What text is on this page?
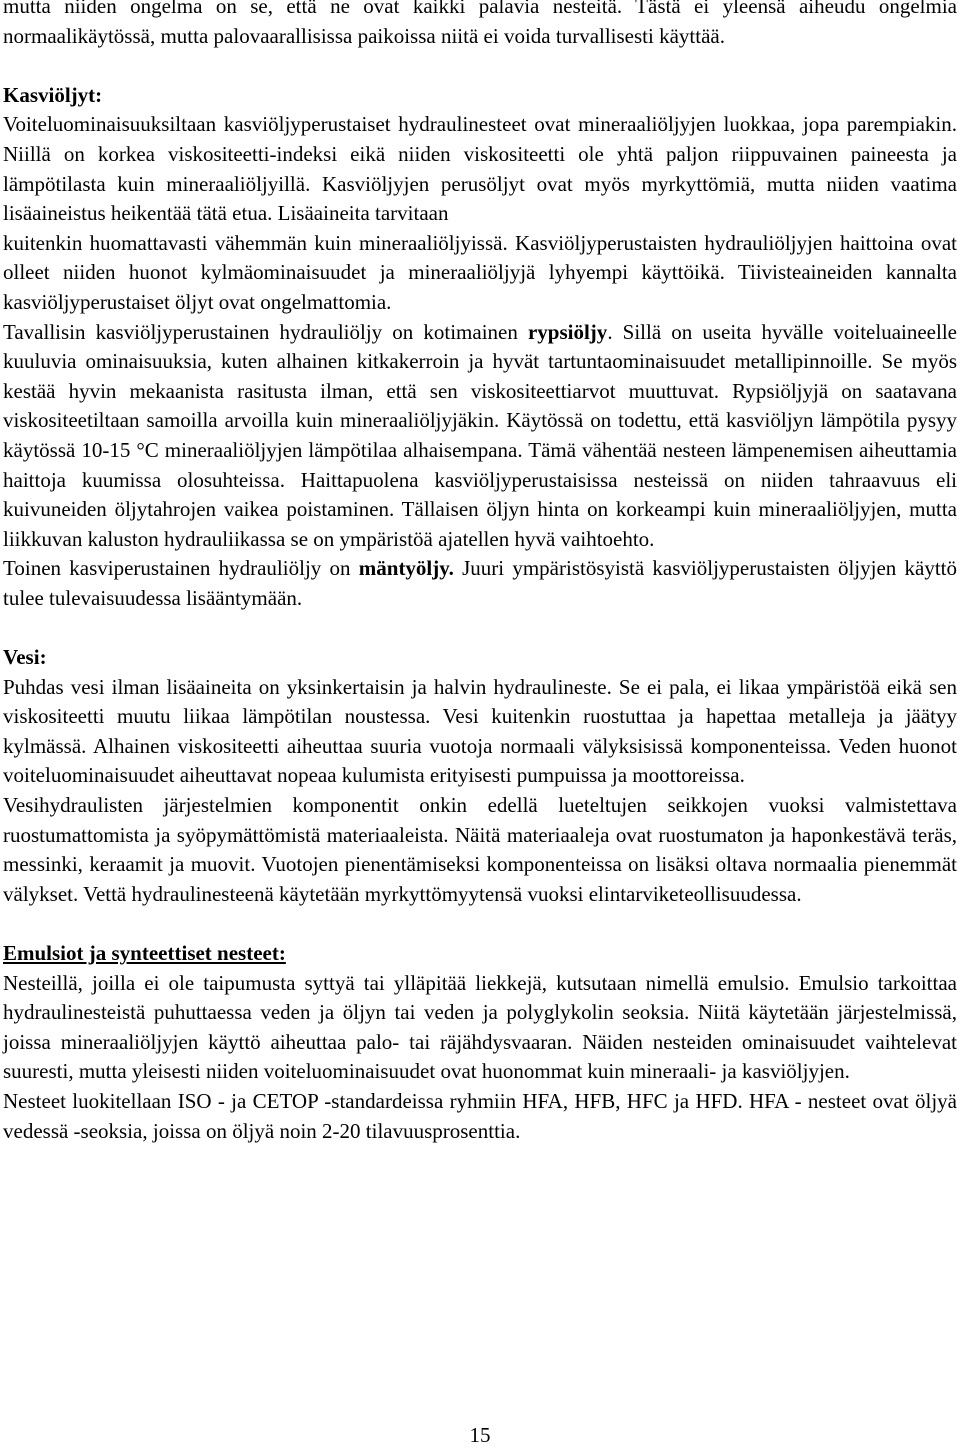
mutta niiden ongelma on se, että ne ovat kaikki palavia nesteitä. Tästä ei yleensä aiheudu ongelmia normaalikäytössä, mutta palovaarallisissa paikoissa niitä ei voida turvallisesti käyttää.

Kasviöljyt:

Voiteluominaisuuksiltaan kasviöljyperustaiset hydraulinesteet ovat mineraaliöljyjen luokkaa, jopa parempiakin. Niillä on korkea viskositeetti-indeksi eikä niiden viskositeetti ole yhtä paljon riippuvainen paineesta ja lämpötilasta kuin mineraaliöljyillä. Kasviöljyjen perusöljyt ovat myös myrkyttömiä, mutta niiden vaatima lisäaineistus heikentää tätä etua. Lisäaineita tarvitaan

kuitenkin huomattavasti vähemmän kuin mineraaliöljyissä. Kasviöljyperustaisten hydrauliöljyjen haittoina ovat olleet niiden huonot kylmäominaisuudet ja mineraaliöljyjä lyhyempi käyttöikä. Tiivisteaineiden kannalta kasviöljyperustaiset öljyt ovat ongelmattomia.

Tavallisin kasviöljyperustainen hydrauliöljy on kotimainen rypsiöljy. Sillä on useita hyvälle voiteluaineelle kuuluvia ominaisuuksia, kuten alhainen kitkakerroin ja hyvät tartuntaominaisuudet metallipinnoille. Se myös kestää hyvin mekaanista rasitusta ilman, että sen viskositeettiarvot muuttuvat. Rypsiöljyjä on saatavana viskositeetiltaan samoilla arvoilla kuin mineraaliöljyjäkin. Käytössä on todettu, että kasviöljyn lämpötila pysyy käytössä 10-15 °C mineraaliöljyjen lämpötilaa alhaisempana. Tämä vähentää nesteen lämpenemisen aiheuttamia haittoja kuumissa olosuhteissa. Haittapuolena kasviöljyperustaisissa nesteissä on niiden tahraavuus eli kuivuneiden öljytahrojen vaikea poistaminen. Tällaisen öljyn hinta on korkeampi kuin mineraaliöljyjen, mutta liikkuvan kaluston hydrauliikassa se on ympäristöä ajatellen hyvä vaihtoehto.

Toinen kasviperustainen hydrauliöljy on mäntyöljy. Juuri ympäristösyistä kasviöljyperustaisten öljyjen käyttö tulee tulevaisuudessa lisääntymään.

Vesi:

Puhdas vesi ilman lisäaineita on yksinkertaisin ja halvin hydraulineste. Se ei pala, ei likaa ympäristöä eikä sen viskositeetti muutu liikaa lämpötilan noustessa. Vesi kuitenkin ruostuttaa ja hapettaa metalleja ja jäätyy kylmässä. Alhainen viskositeetti aiheuttaa suuria vuotoja normaali välyksisissä komponenteissa. Veden huonot voiteluominaisuudet aiheuttavat nopeaa kulumista erityisesti pumpuissa ja moottoreissa.

Vesihydraulisten järjestelmien komponentit onkin edellä lueteltujen seikkojen vuoksi valmistettava ruostumattomista ja syöpymättömistä materiaaleista. Näitä materiaaleja ovat ruostumaton ja haponkestävä teräs, messinki, keraamit ja muovit. Vuotojen pienentämiseksi komponenteissa on lisäksi oltava normaalia pienemmät välykset. Vettä hydraulinesteenä käytetään myrkyttömyytensä vuoksi elintarviketeollisuudessa.

Emulsiot ja synteettiset nesteet:

Nesteillä, joilla ei ole taipumusta syttyä tai ylläpitää liekkejä, kutsutaan nimellä emulsio. Emulsio tarkoittaa hydraulinesteistä puhuttaessa veden ja öljyn tai veden ja polyglykolin seoksia. Niitä käytetään järjestelmissä, joissa mineraaliöljyjen käyttö aiheuttaa palo- tai räjähdysvaaran. Näiden nesteiden ominaisuudet vaihtelevat suuresti, mutta yleisesti niiden voiteluominaisuudet ovat huonommat kuin mineraali- ja kasviöljyjen.

Nesteet luokitellaan ISO - ja CETOP -standardeissa ryhmiin HFA, HFB, HFC ja HFD. HFA - nesteet ovat öljyä vedessä -seoksia, joissa on öljyä noin 2-20 tilavuusprosenttia.

15
